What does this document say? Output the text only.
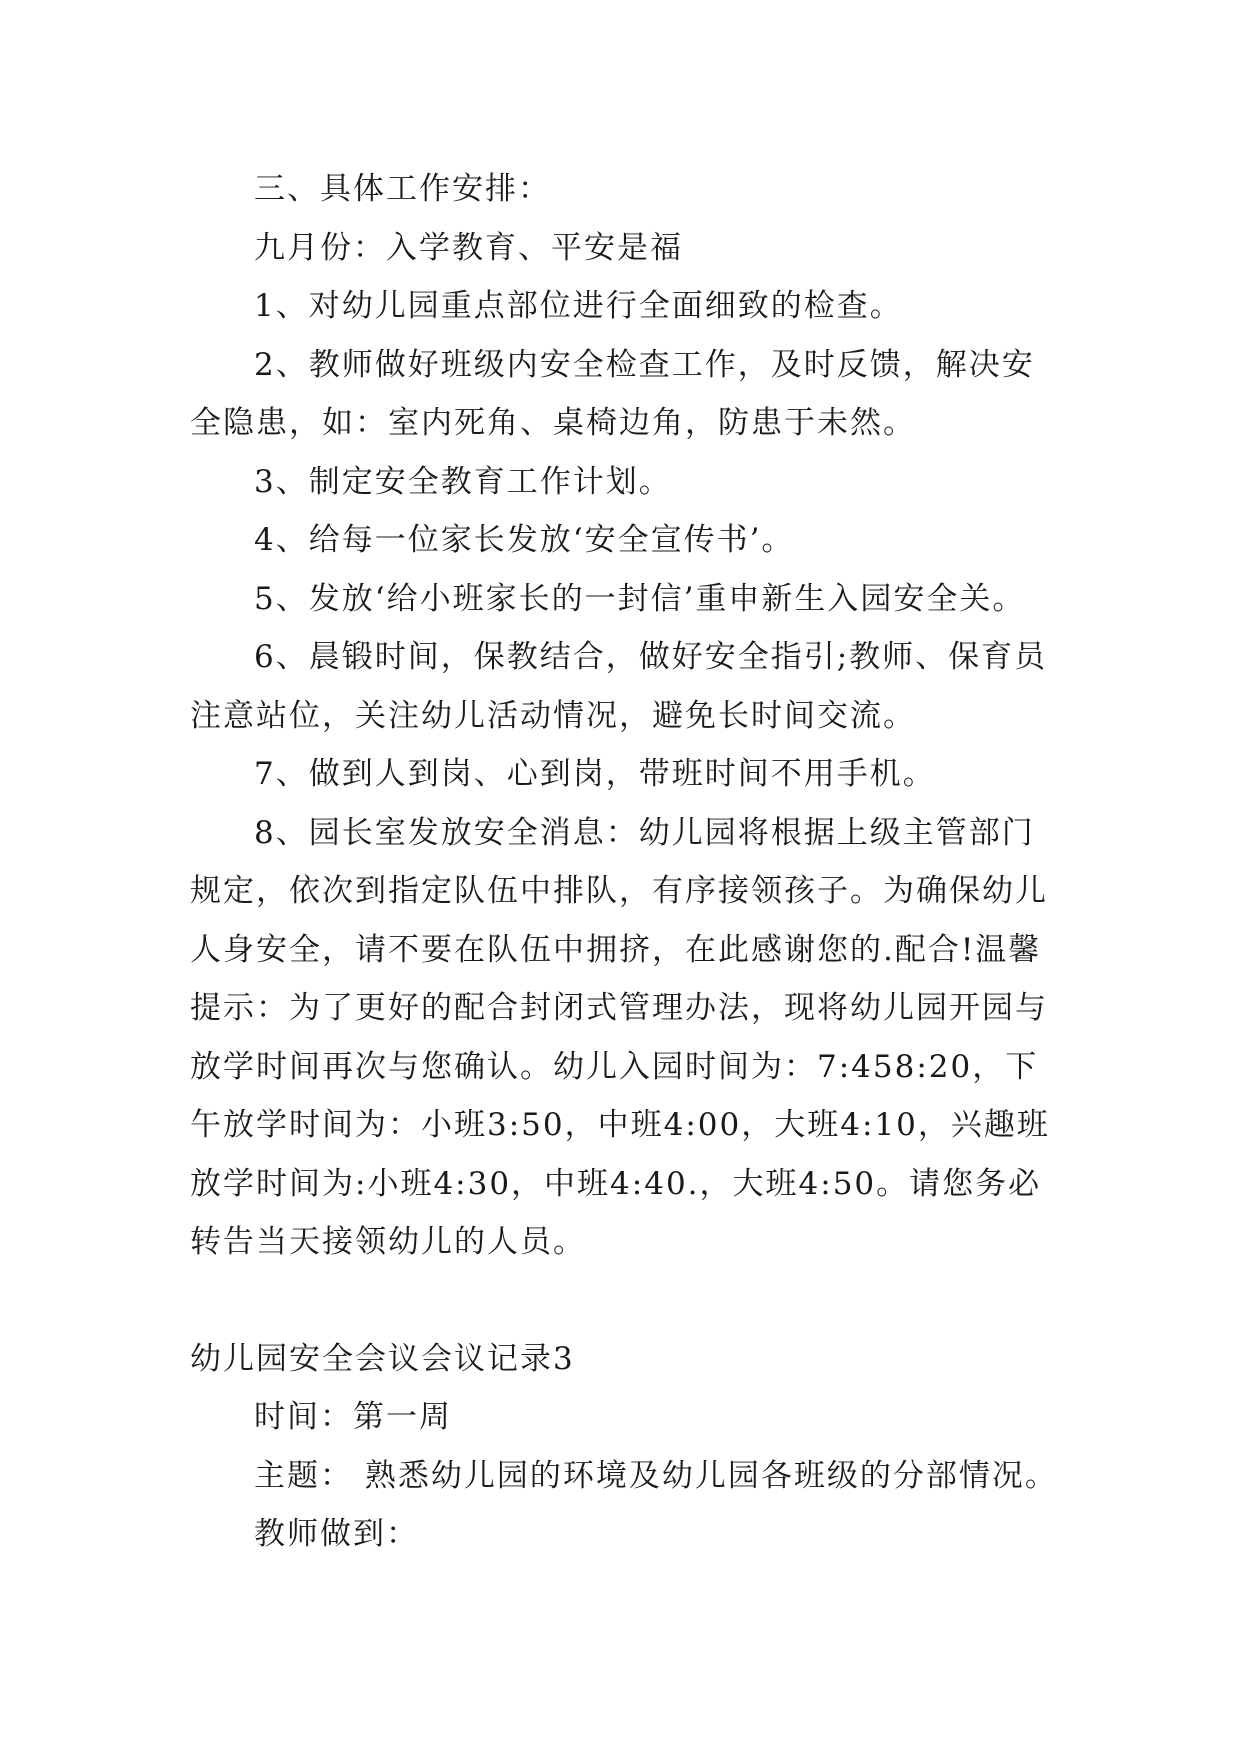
三、具体工作安排：

九月份：入学教育、平安是福

1、对幼儿园重点部位进行全面细致的检查。

2、教师做好班级内安全检查工作，及时反馈，解决安全隐患，如：室内死角、桌椅边角，防患于未然。

3、制定安全教育工作计划。

4、给每一位家长发放‘安全宣传书’。

5、发放‘给小班家长的一封信’重申新生入园安全关。

6、晨锻时间，保教结合，做好安全指引;教师、保育员注意站位，关注幼儿活动情况，避免长时间交流。

7、做到人到岗、心到岗，带班时间不用手机。

8、园长室发放安全消息：幼儿园将根据上级主管部门规定，依次到指定队伍中排队，有序接领孩子。为确保幼儿人身安全，请不要在队伍中拥挤，在此感谢您的.配合!温馨提示：为了更好的配合封闭式管理办法，现将幼儿园开园与放学时间再次与您确认。幼儿入园时间为：7:458:20，下午放学时间为：小班3:50，中班4:00，大班4:10，兴趣班放学时间为:小班4:30，中班4:40.，大班4:50。请您务必转告当天接领幼儿的人员。

幼儿园安全会议会议记录3

时间：第一周

主题： 熟悉幼儿园的环境及幼儿园各班级的分部情况。

教师做到：
